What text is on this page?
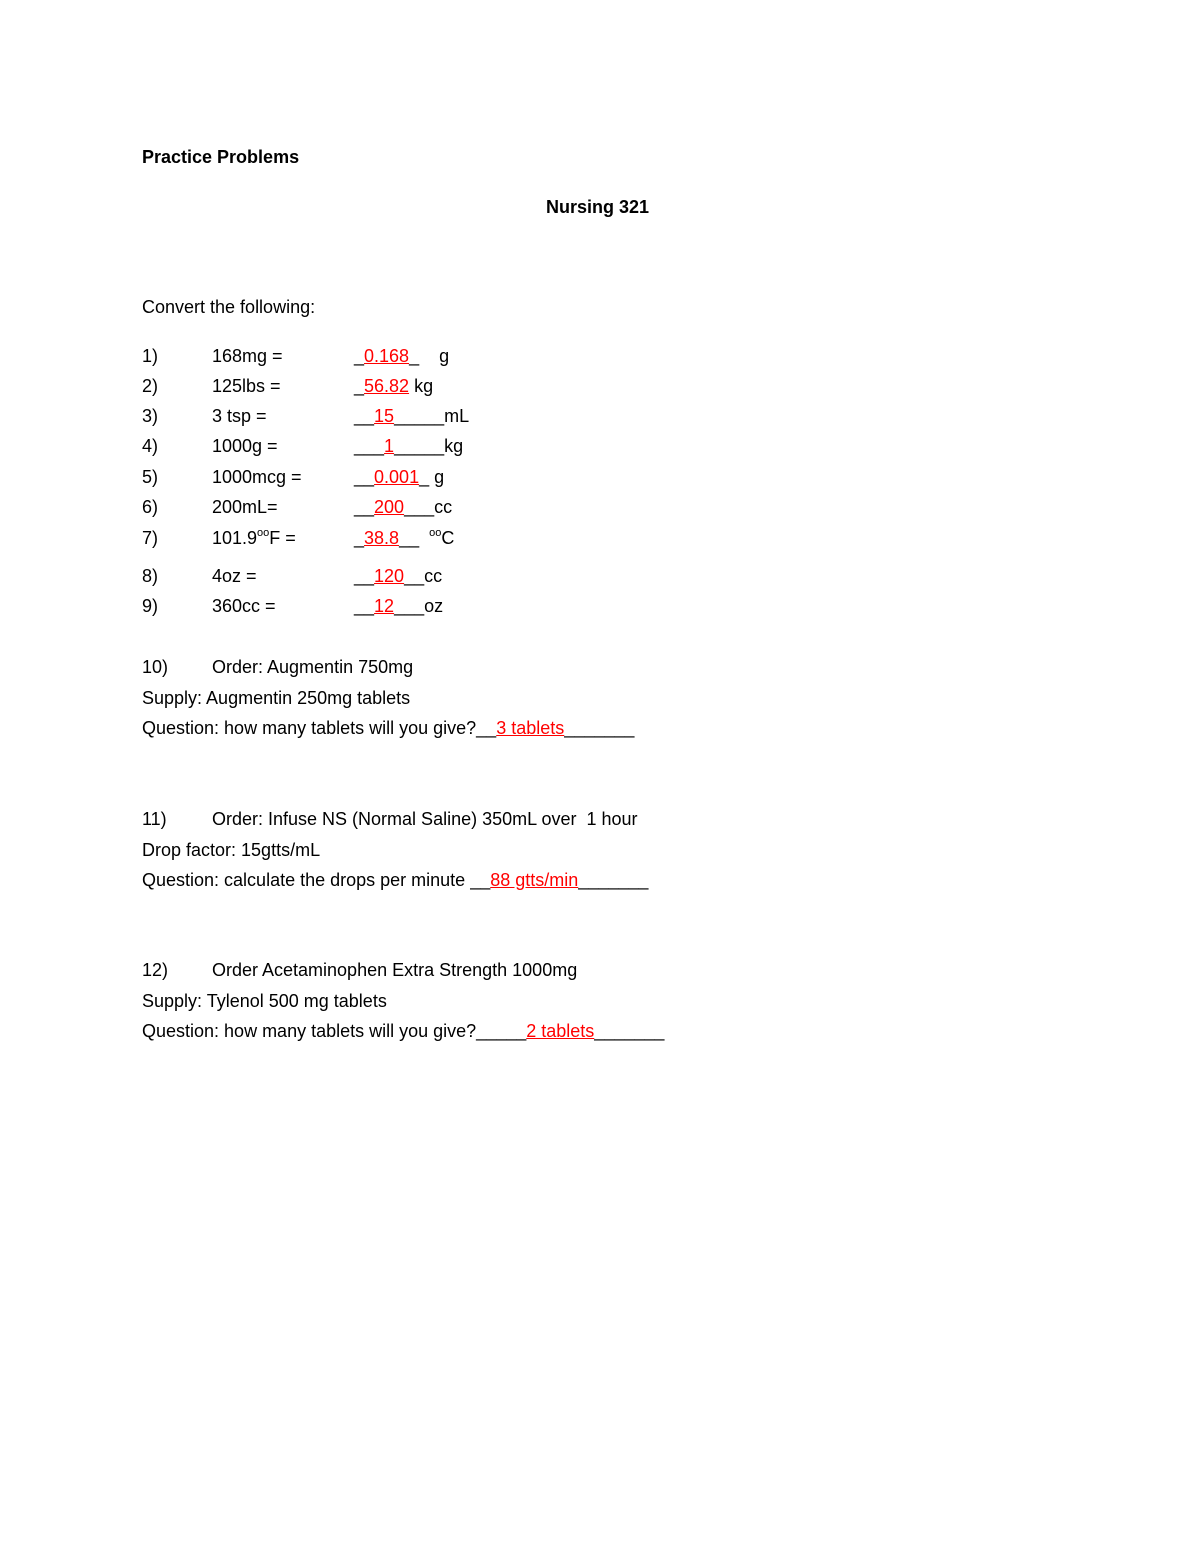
Practice Problems
Nursing 321
Convert the following:
1)	168mg =	_0.168_ g
2)	125lbs =	_56.82 kg
3)	3 tsp =	__15_____mL
4)	1000g =	___1_____kg
5)	1000mcg =	__0.001_ g
6)	200mL=	__200___cc
7)	$101.9^{oo}F$ =	_38.8__ $^{oo}$C
8)	4oz =	__120__cc
9)	360cc =	__12___oz
10) Order: Augmentin 750mg
Supply: Augmentin 250mg tablets
Question: how many tablets will you give?__3 tablets_______
11)	Order: Infuse NS (Normal Saline) 350mL over  1 hour
Drop factor: 15gtts/mL
Question: calculate the drops per minute __88 gtts/min_______
12) Order Acetaminophen Extra Strength 1000mg
Supply: Tylenol 500 mg tablets
Question: how many tablets will you give?_____2 tablets_______
